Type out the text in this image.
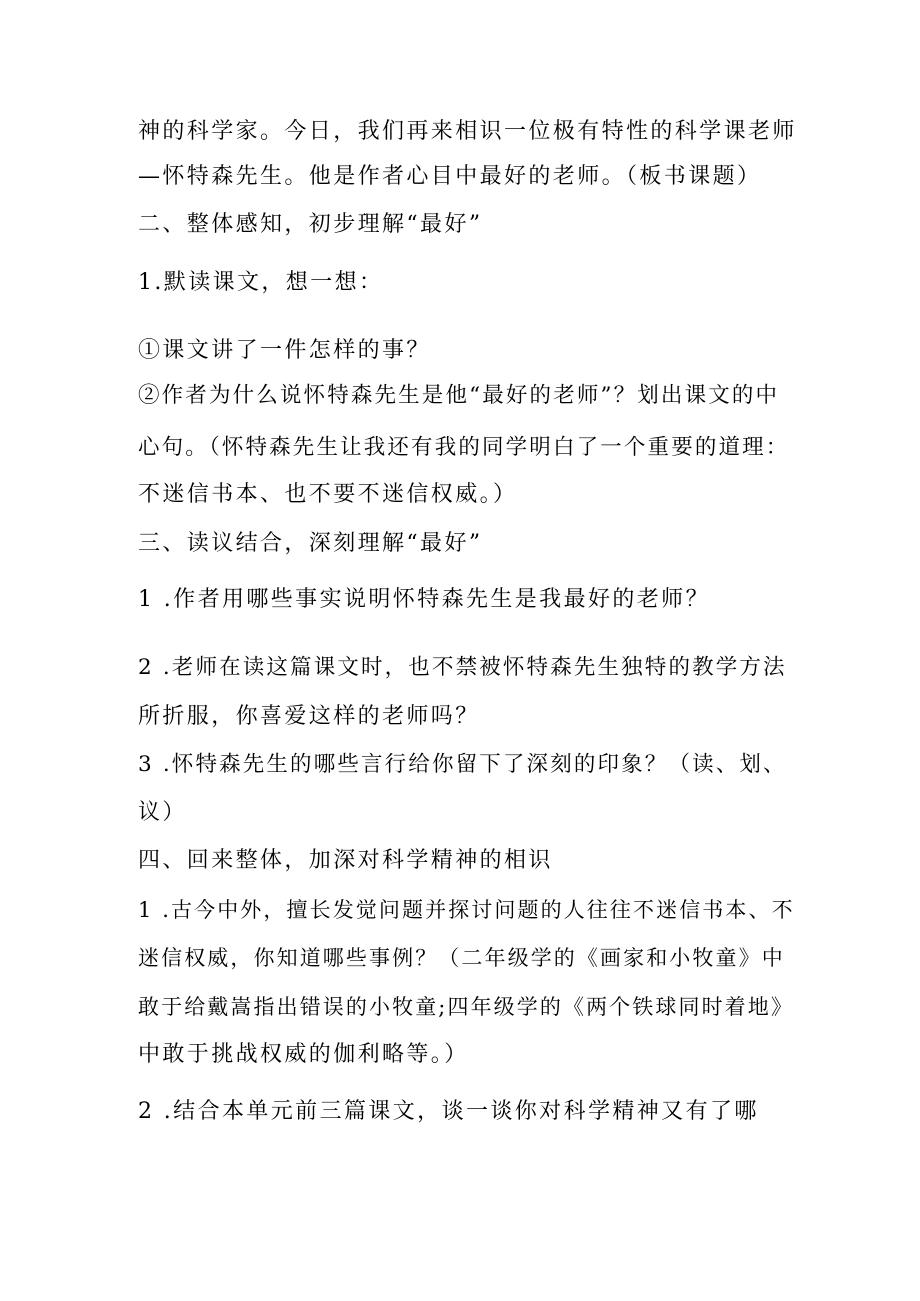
神的科学家。今日，我们再来相识一位极有特性的科学课老师
—怀特森先生。他是作者心目中最好的老师。（板书课题）
二、整体感知，初步理解“最好”
1.默读课文，想一想：
①课文讲了一件怎样的事？
②作者为什么说怀特森先生是他“最好的老师”？划出课文的中
心句。（怀特森先生让我还有我的同学明白了一个重要的道理：
不迷信书本、也不要不迷信权威。）
三、读议结合，深刻理解“最好”
1 .作者用哪些事实说明怀特森先生是我最好的老师？
2 .老师在读这篇课文时，也不禁被怀特森先生独特的教学方法
所折服，你喜爱这样的老师吗？
3 .怀特森先生的哪些言行给你留下了深刻的印象？（读、划、
议）
四、回来整体，加深对科学精神的相识
1 .古今中外，擅长发觉问题并探讨问题的人往往不迷信书本、不
迷信权威，你知道哪些事例？（二年级学的《画家和小牧童》中
敢于给戴嵩指出错误的小牧童;四年级学的《两个铁球同时着地》
中敢于挑战权威的伽利略等。）
2 .结合本单元前三篇课文，谈一谈你对科学精神又有了哪
